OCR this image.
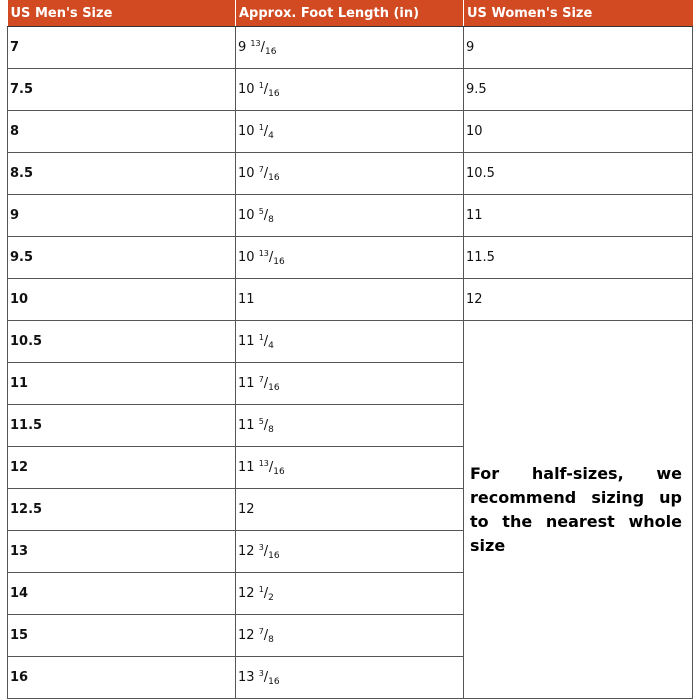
US Men's Size	Approx. Foot Length (in)	US Women's Size
7	9 $^{13}/_{16}$	9
7.5	10 $^1/_{16}$	9.5
8	10 $^1/_4$	10
8.5	10 $^7/_{16}$	10.5
9	10 $^5/_8$	11
9.5	10 $^{13}/_{16}$	11.5
10	11	12
10.5	11 $^1/_4$	For half-sizes, we recommend sizing up to the nearest whole size

11	11 $^7/_{16}$
11.5	11 $^5/_8$
12	11 $^{13}/_{16}$
12.5	12	
13	12 $^3/_{16}$
14	12 $^1/_2$
15	12 $^7/_8$
16	13 $^3/_{16}$
